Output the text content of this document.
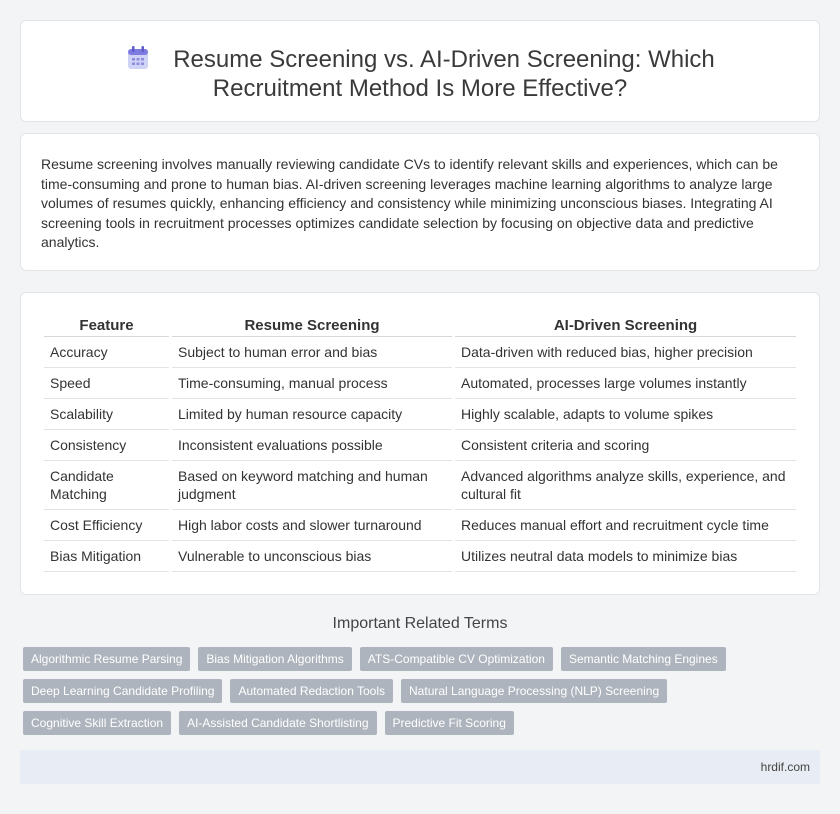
Resume Screening vs. AI-Driven Screening: Which Recruitment Method Is More Effective?

Resume screening involves manually reviewing candidate CVs to identify relevant skills and experiences, which can be time-consuming and prone to human bias. AI-driven screening leverages machine learning algorithms to analyze large volumes of resumes quickly, enhancing efficiency and consistency while minimizing unconscious biases. Integrating AI screening tools in recruitment processes optimizes candidate selection by focusing on objective data and predictive analytics.

Feature	Resume Screening	AI-Driven Screening
Accuracy	Subject to human error and bias	Data-driven with reduced bias, higher precision
Speed	Time-consuming, manual process	Automated, processes large volumes instantly
Scalability	Limited by human resource capacity	Highly scalable, adapts to volume spikes
Consistency	Inconsistent evaluations possible	Consistent criteria and scoring
Candidate Matching	Based on keyword matching and human judgment	Advanced algorithms analyze skills, experience, and cultural fit
Cost Efficiency	High labor costs and slower turnaround	Reduces manual effort and recruitment cycle time
Bias Mitigation	Vulnerable to unconscious bias	Utilizes neutral data models to minimize bias
Important Related Terms
Algorithmic Resume Parsing	Bias Mitigation Algorithms	ATS-Compatible CV Optimization	Semantic Matching Engines
Deep Learning Candidate Profiling	Automated Redaction Tools	Natural Language Processing (NLP) Screening
Cognitive Skill Extraction	AI-Assisted Candidate Shortlisting	Predictive Fit Scoring
hrdif.com
